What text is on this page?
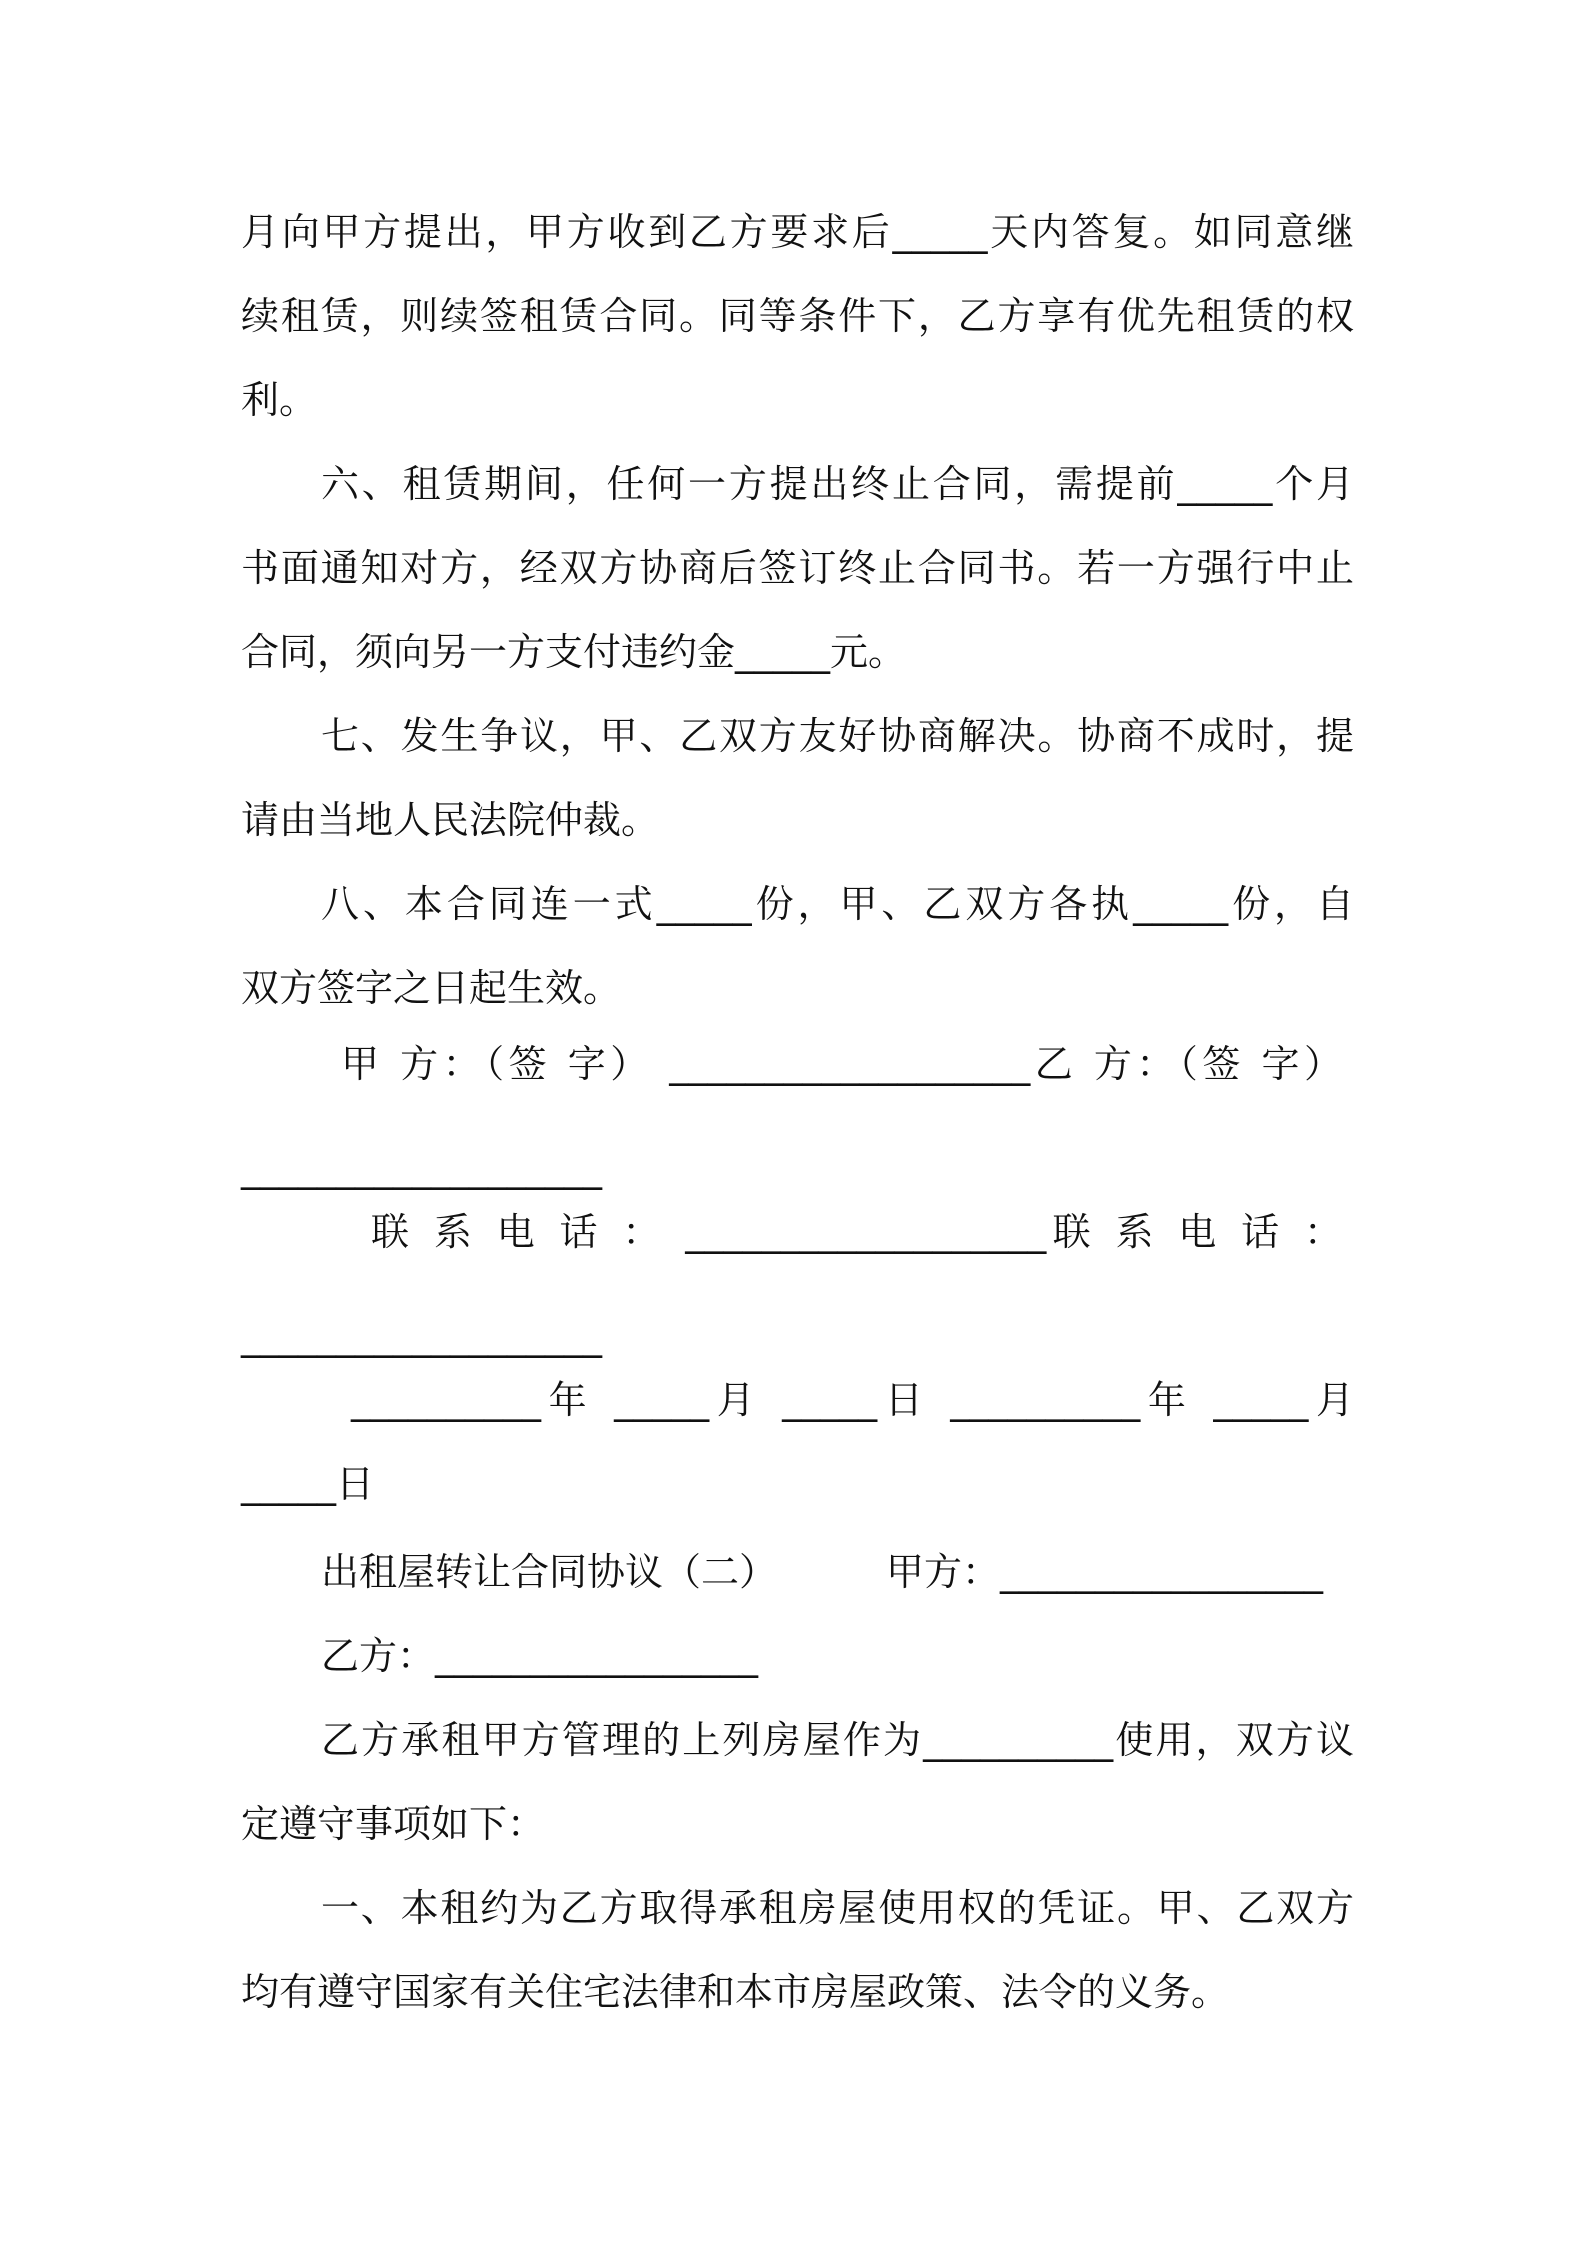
月向甲方提出，甲方收到乙方要求后_____天内答复。如同意继
续租赁，则续签租赁合同。同等条件下，乙方享有优先租赁的权
利。
六、租赁期间，任何一方提出终止合同，需提前_____个月
书面通知对方，经双方协商后签订终止合同书。若一方强行中止
合同，须向另一方支付违约金_____元。
七、发生争议，甲、乙双方友好协商解决。协商不成时，提
请由当地人民法院仲裁。
八、本合同连一式_____份，甲、乙双方各执_____份，自
双方签字之日起生效。
甲 方：（签 字） ___________________乙 方：（签 字）
___________________
联 系 电 话 ： ___________________联 系 电 话 ：
___________________
__________年 _____月 _____日 __________年 _____月
_____日
出租屋转让合同协议（二）	甲方：_________________
乙方：_________________
乙方承租甲方管理的上列房屋作为__________使用，双方议
定遵守事项如下：
一、本租约为乙方取得承租房屋使用权的凭证。甲、乙双方
均有遵守国家有关住宅法律和本市房屋政策、法令的义务。
